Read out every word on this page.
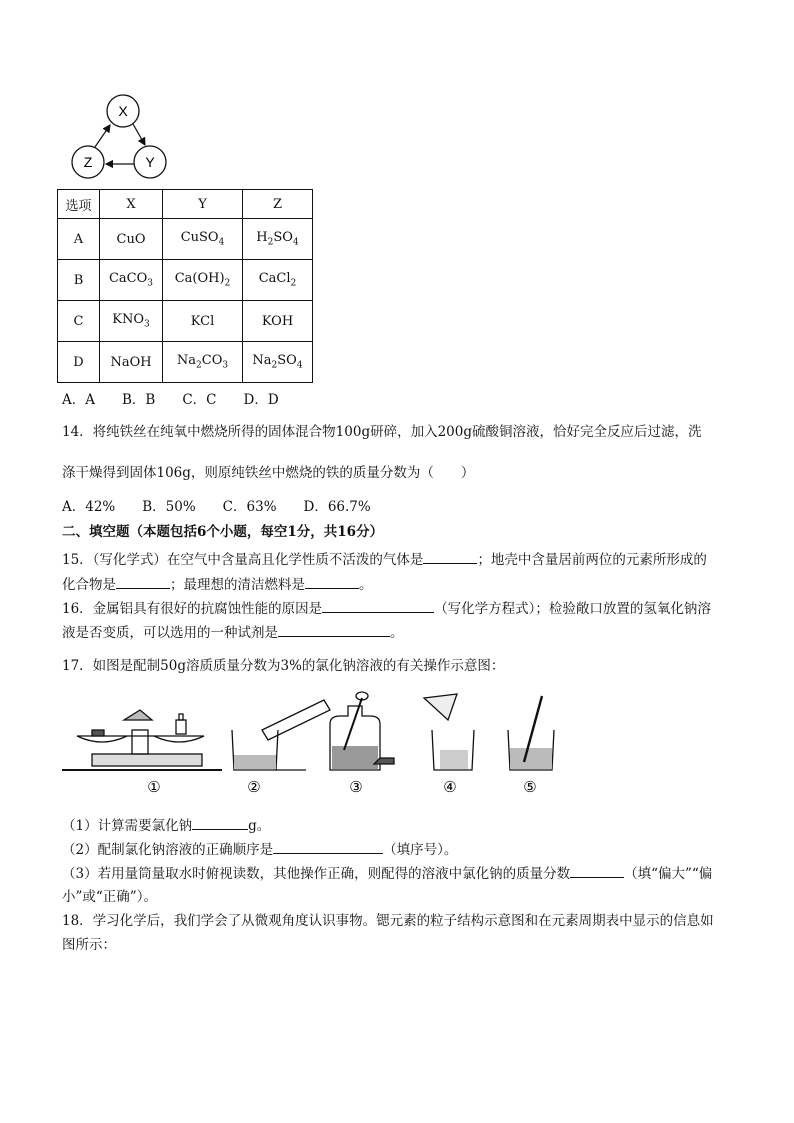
X
Z	Y
选项	X	Y	Z
A	CuO	CuSO$_4$	$H_2SO_4$
B	CaCO$_3$	$Ca(OH)_2$	CaCl$_2$
C	$KNO_3$	KCl	KOH
D	NaOH	$Na_2CO_3$	$Na_2SO_4$
A．A　　B．B　　C．C　　D．D
14．将纯铁丝在纯氧中燃烧所得的固体混合物100g研碎，加入200g硫酸铜溶液，恰好完全反应后过滤，洗
涤干燥得到固体106g，则原纯铁丝中燃烧的铁的质量分数为（　　）
A．42%　　B．50%　　C．63%　　D．66.7%
二、填空题（本题包括6个小题，每空1分，共16分）
15．（写化学式）在空气中含量高且化学性质不活泼的气体是	；地壳中含量居前两位的元素所形成的
化合物是	；最理想的清洁燃料是	。
16．金属铝具有很好的抗腐蚀性能的原因是	（写化学方程式）；检验敞口放置的氢氧化钠溶
液是否变质，可以选用的一种试剂是	。
17．如图是配制50g溶质质量分数为3%的氯化钠溶液的有关操作示意图：
①	②	③	④	⑤
（1）计算需要氯化钠	g。
（2）配制氯化钠溶液的正确顺序是	（填序号）。
（3）若用量筒量取水时俯视读数，其他操作正确，则配得的溶液中氯化钠的质量分数	（填“偏大”“偏
小”或“正确”）。
18．学习化学后，我们学会了从微观角度认识事物。锶元素的粒子结构示意图和在元素周期表中显示的信息如
图所示：
